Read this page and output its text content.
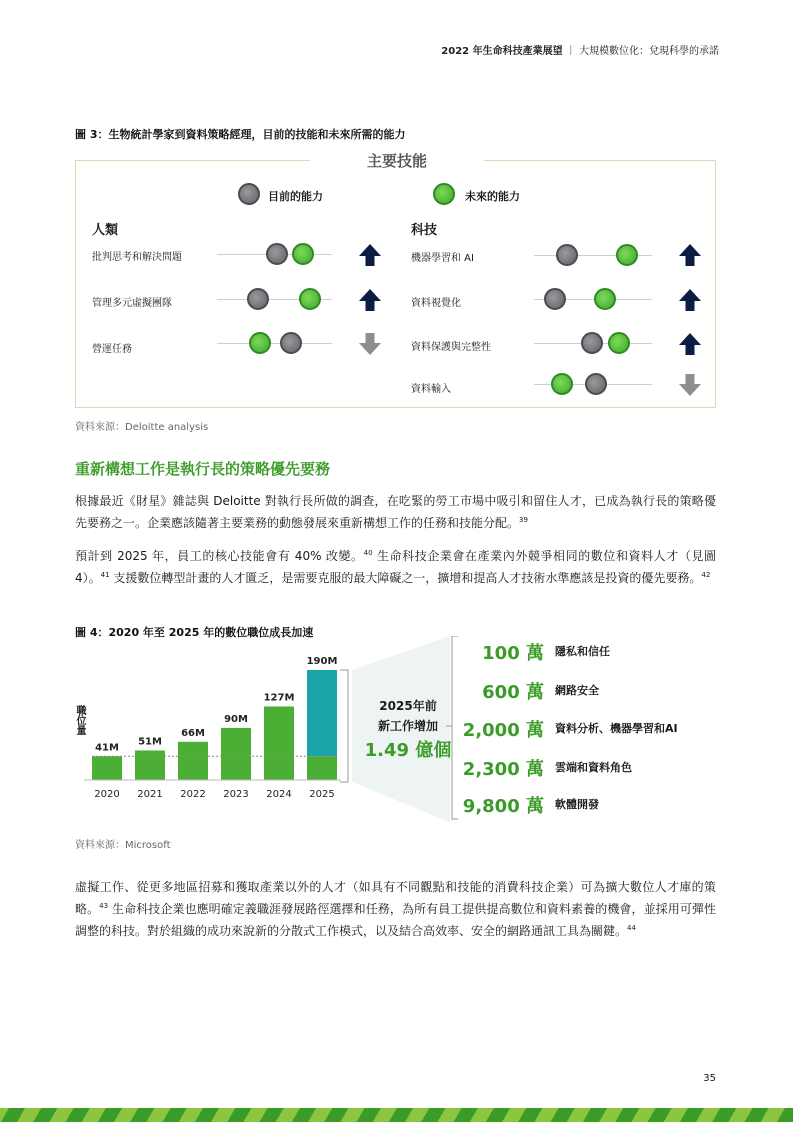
2022 年生命科技產業展望 ｜ 大規模數位化：兌現科學的承諾
圖 3：生物統計學家到資料策略經理，目前的技能和未來所需的能力
主要技能
目前的能力	未來的能力
人類	科技
批判思考和解決問題
管理多元虛擬團隊
營運任務
機器學習和 AI
資料視覺化
資料保護與完整性
資料輸入
資料來源：Deloitte analysis
重新構想工作是執行長的策略優先要務
根據最近《財星》雜誌與 Deloitte 對執行長所做的調查，在吃緊的勞工市場中吸引和留住人才，已成為執行長的策略優先要務之一。企業應該隨著主要業務的動態發展來重新構想工作的任務和技能分配。$^{39}$
預計到 2025 年，員工的核心技能會有 40% 改變。$^{40}$ 生命科技企業會在產業內外競爭相同的數位和資料人才（見圖 4）。$^{41}$ 支援數位轉型計畫的人才匱乏，是需要克服的最大障礙之一，擴增和提高人才技術水準應該是投資的優先要務。$^{42}$
圖 4：2020 年至 2025 年的數位職位成長加速
職位量
41M
2020
51M
2021
66M
2022
90M
2023
127M
2024
190M
2025
2025年前
新工作增加
1.49 億個
100 萬 隱私和信任
600 萬 網路安全
2,000 萬 資料分析、機器學習和AI
2,300 萬 雲端和資料角色
9,800 萬 軟體開發
資料來源：Microsoft
虛擬工作、從更多地區招募和獲取產業以外的人才（如具有不同觀點和技能的消費科技企業）可為擴大數位人才庫的策略。$^{43}$ 生命科技企業也應明確定義職涯發展路徑選擇和任務，為所有員工提供提高數位和資料素養的機會，並採用可彈性調整的科技。對於組織的成功來說新的分散式工作模式，以及結合高效率、安全的網路通訊工具為關鍵。$^{44}$
35
